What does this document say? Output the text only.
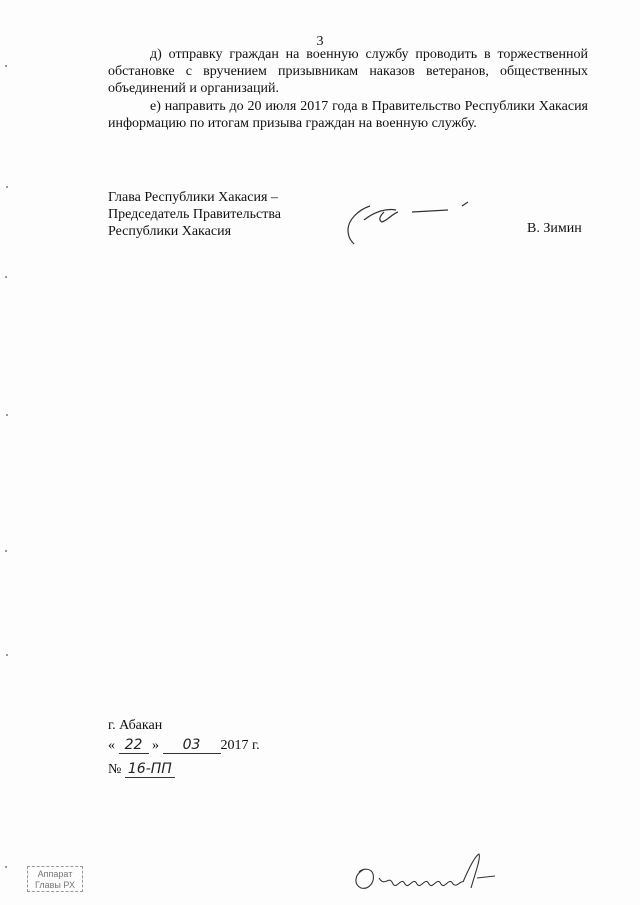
3
д) отправку граждан на военную службу проводить в торжественной обстановке с вручением призывникам наказов ветеранов, общественных объединений и организаций.
е) направить до 20 июля 2017 года в Правительство Республики Хакасия информацию по итогам призыва граждан на военную службу.
Глава Республики Хакасия –
Председатель Правительства
Республики Хакасия	В. Зимин
г. Абакан
« 22 » 03 2017 г.
№ 16-ПП
Аппарат
Главы РХ
